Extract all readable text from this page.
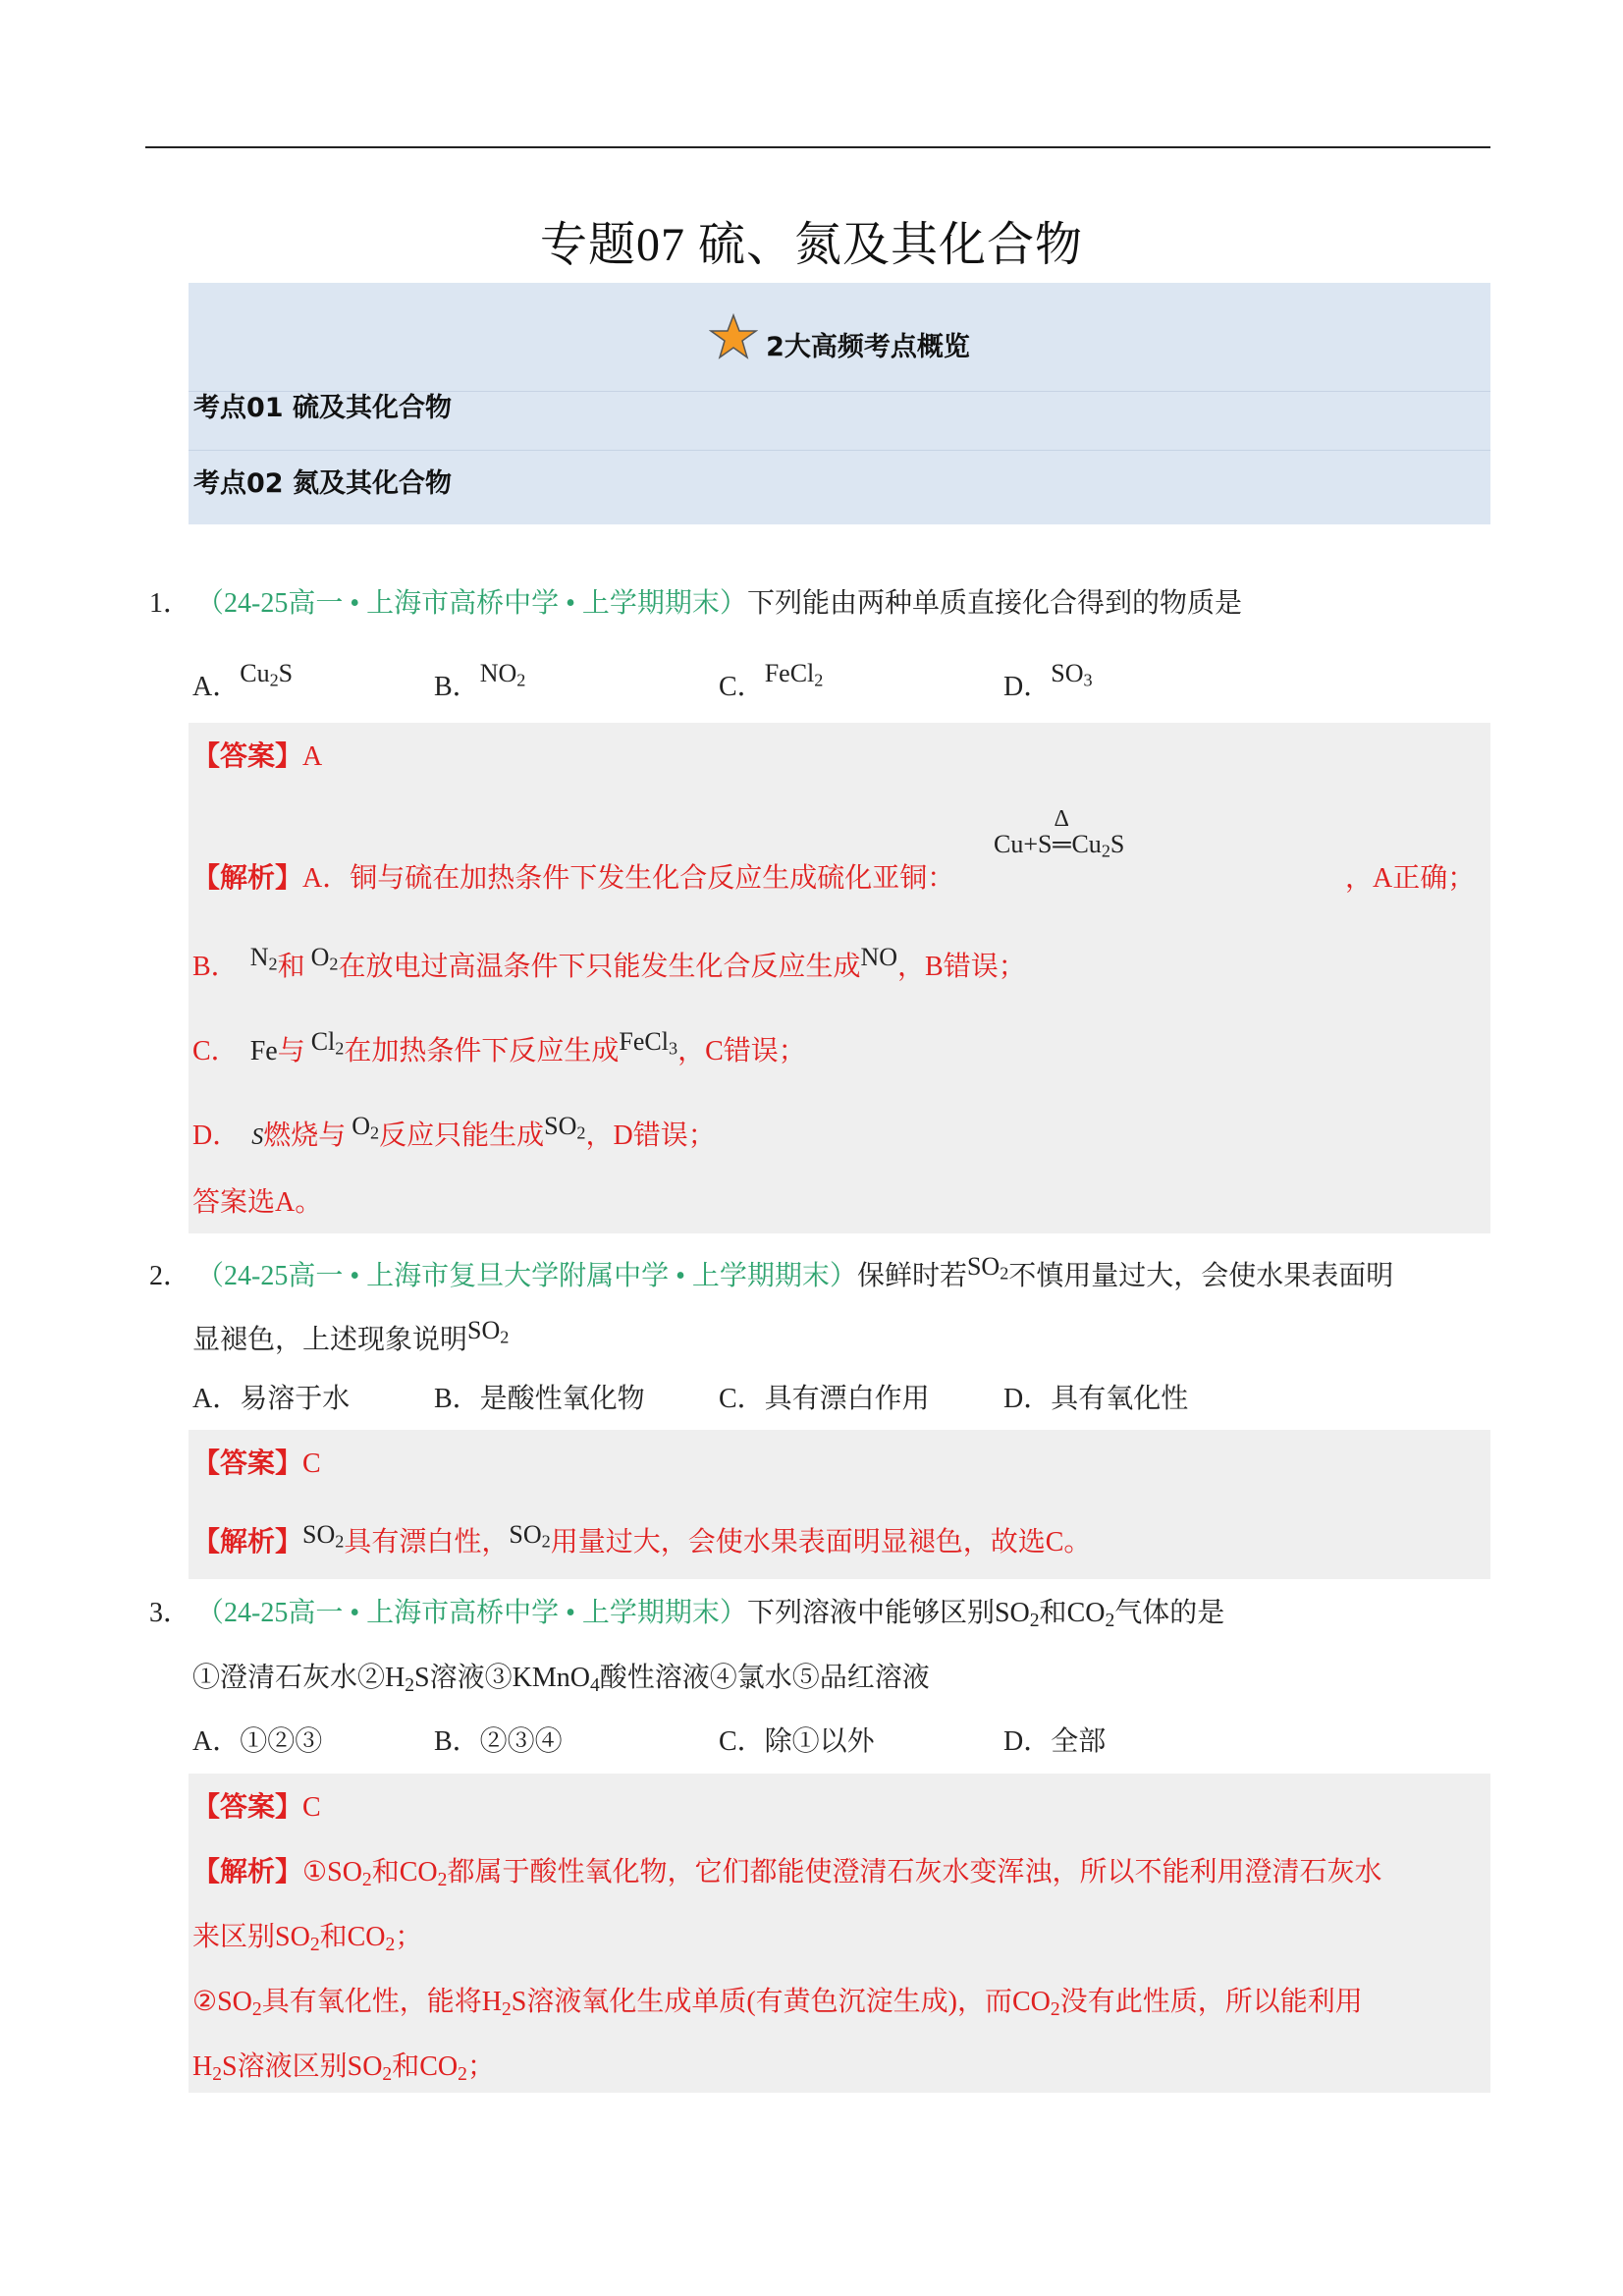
专题07 硫、氮及其化合物
2大高频考点概览
考点01 硫及其化合物
考点02 氮及其化合物
1． （24-25高一 • 上海市高桥中学 • 上学期期末）下列能由两种单质直接化合得到的物质是
A．$Cu_2S$	B．$NO_2$	C．FeCl$_2$	D．$SO_3$
【答案】A
Cu+S
Δ
$═Cu_2S$
【解析】A．铜与硫在加热条件下发生化合反应生成硫化亚铜：	，A正确；
B． $N_2$和 $O_2$在放电过高温条件下只能发生化合反应生成NO，B错误；
C． Fe与 $Cl_2$在加热条件下反应生成FeCl$_3$，C错误；
D． S燃烧与 $O_2$反应只能生成$SO_2$，D错误；
答案选A。
2． （24-25高一 • 上海市复旦大学附属中学 • 上学期期末）保鲜时若$SO_2$不慎用量过大，会使水果表面明
显褪色，上述现象说明$SO_2$
A．易溶于水	B．是酸性氧化物	C．具有漂白作用	D．具有氧化性
【答案】C
【解析】$SO_2$具有漂白性，$SO_2$用量过大，会使水果表面明显褪色，故选C。
3． （24-25高一 • 上海市高桥中学 • 上学期期末）下列溶液中能够区别$SO_2$和$CO_2$气体的是
①澄清石灰水$②H_2S$溶液③KMnO$_4$酸性溶液④氯水⑤品红溶液
A．①②③	B．②③④	C．除①以外	D．全部
【答案】C
【解析】$①SO_2$和$CO_2$都属于酸性氧化物，它们都能使澄清石灰水变浑浊，所以不能利用澄清石灰水
来区别$SO_2$和$CO_2$；
$②SO_2$具有氧化性，能将$H_2S$溶液氧化生成单质(有黄色沉淀生成)，而$CO_2$没有此性质，所以能利用
$H_2S$溶液区别$SO_2$和$CO_2$；
